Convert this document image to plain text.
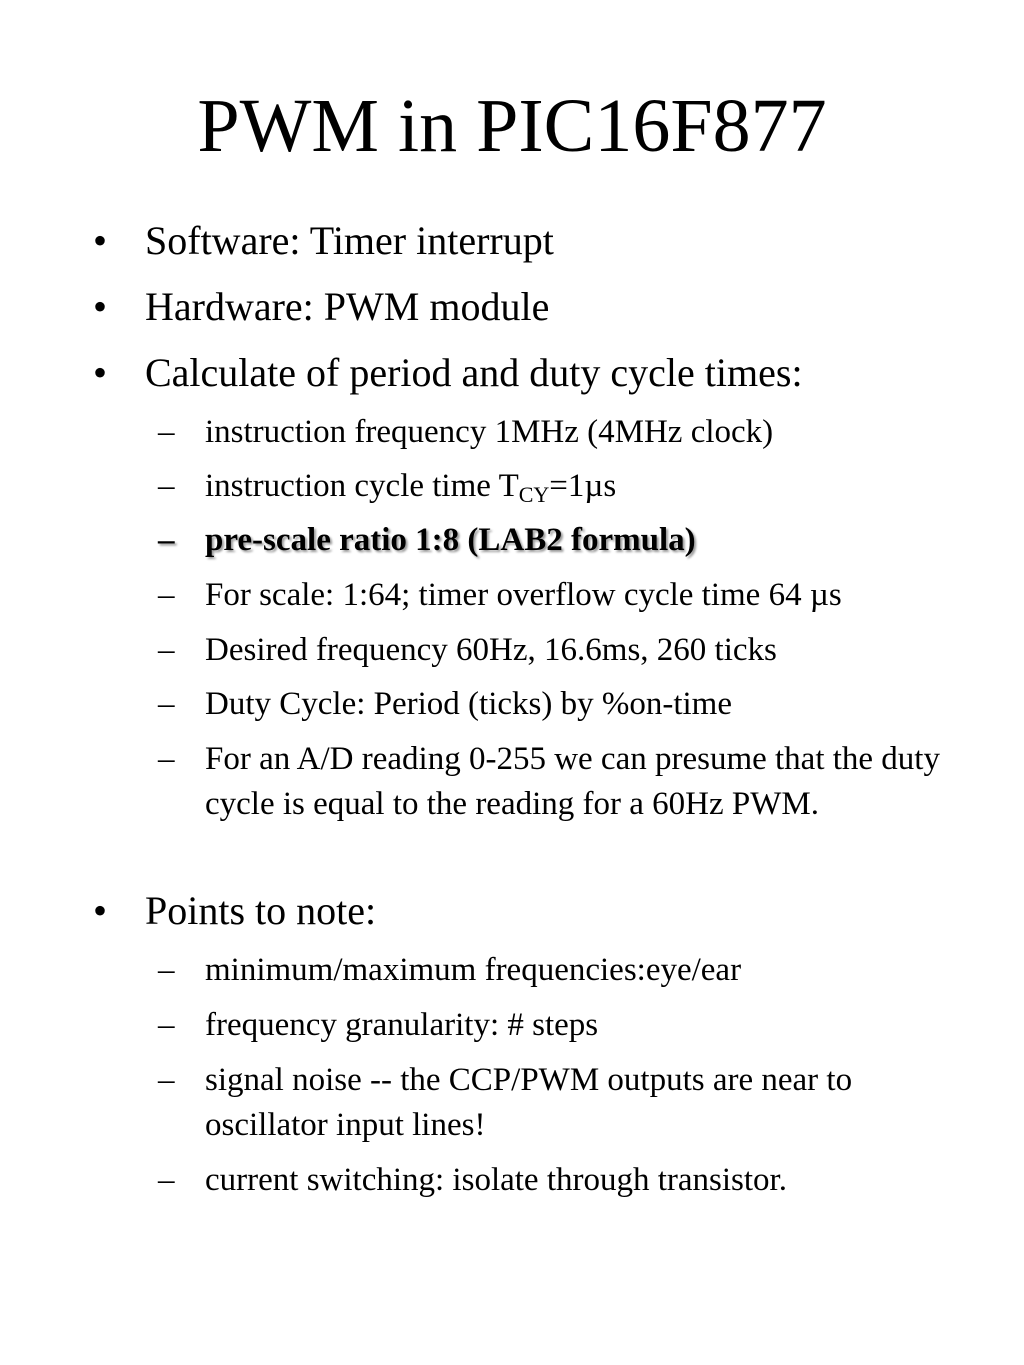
PWM in PIC16F877
• Software: Timer interrupt
• Hardware: PWM module
• Calculate of period and duty cycle times:
– instruction frequency 1MHz (4MHz clock)
– instruction cycle time $T_{CY}=1\mu s$
– pre-scale ratio 1:8 (LAB2 formula)
– For scale: 1:64; timer overflow cycle time 64 µs
– Desired frequency 60Hz, 16.6ms, 260 ticks
– Duty Cycle: Period (ticks) by %on-time
– For an A/D reading 0-255 we can presume that the duty cycle is equal to the reading for a 60Hz PWM.
• Points to note:
– minimum/maximum frequencies:eye/ear
– frequency granularity: # steps
– signal noise -- the CCP/PWM outputs are near to oscillator input lines!
– current switching: isolate through transistor.
